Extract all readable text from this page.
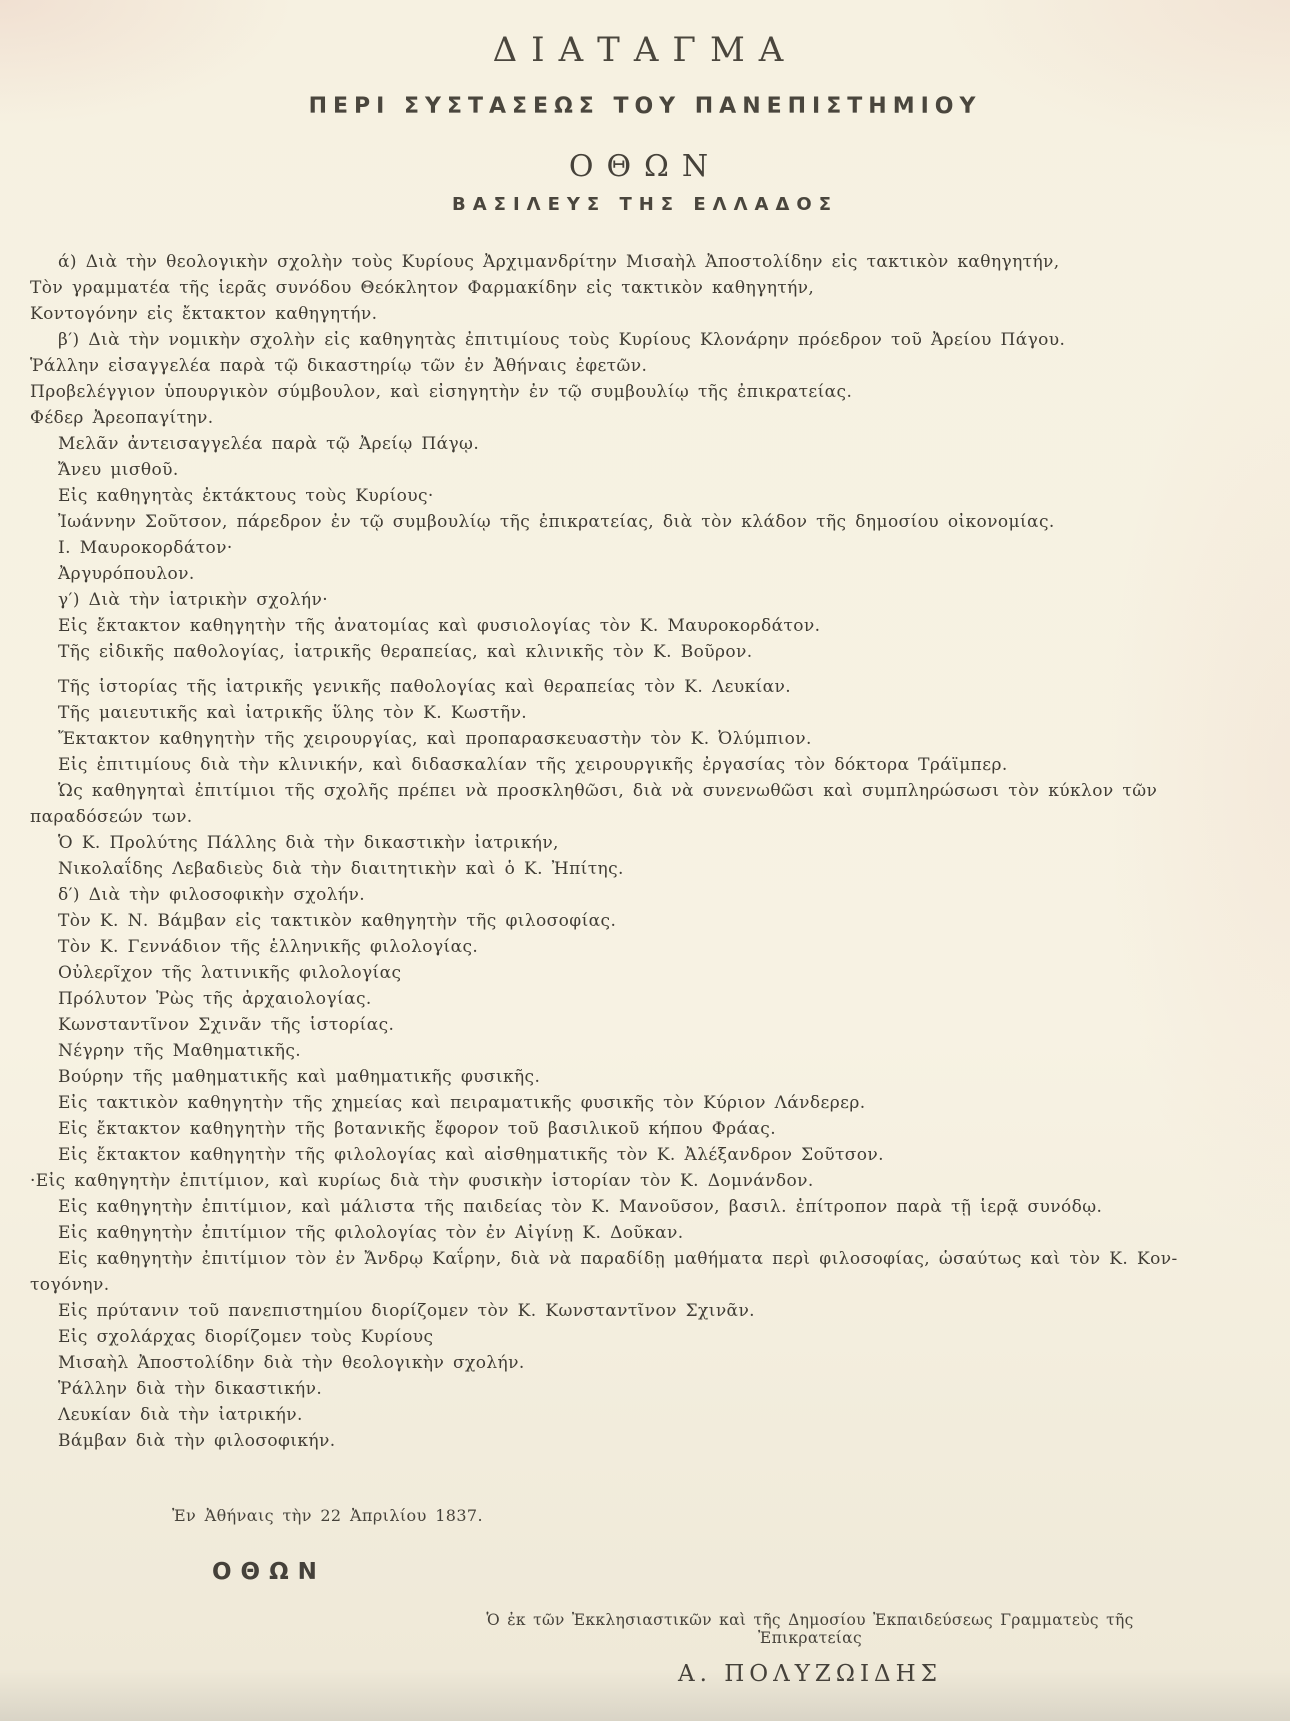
ΔΙΑΤΑΓΜΑ
ΠΕΡΙ ΣΥΣΤΑΣΕΩΣ ΤΟΥ ΠΑΝΕΠΙΣΤΗΜΙΟΥ
ΟΘΩΝ
ΒΑΣΙΛΕΥΣ ΤΗΣ ΕΛΛΑΔΟΣ
ά) Διὰ τὴν θεολογικὴν σχολὴν τοὺς Κυρίους Ἀρχιμανδρίτην Μισαὴλ Ἀποστολίδην εἰς τακτικὸν καθηγητήν,
Τὸν γραμματέα τῆς ἱερᾶς συνόδου Θεόκλητον Φαρμακίδην εἰς τακτικὸν καθηγητήν,
Κοντογόνην εἰς ἔκτακτον καθηγητήν.
β′) Διὰ τὴν νομικὴν σχολὴν εἰς καθηγητὰς ἐπιτιμίους τοὺς Κυρίους Κλονάρην πρόεδρον τοῦ Ἀρείου Πάγου.
Ῥάλλην εἰσαγγελέα παρὰ τῷ δικαστηρίῳ τῶν ἐν Ἀθήναις ἐφετῶν.
Προβελέγγιον ὑπουργικὸν σύμβουλον, καὶ εἰσηγητὴν ἐν τῷ συμβουλίῳ τῆς ἐπικρατείας.
Φέδερ Ἀρεοπαγίτην.
Μελᾶν ἀντεισαγγελέα παρὰ τῷ Ἀρείῳ Πάγῳ.
Ἄνευ μισθοῦ.
Εἰς καθηγητὰς ἐκτάκτους τοὺς Κυρίους·
Ἰωάννην Σοῦτσον, πάρεδρον ἐν τῷ συμβουλίῳ τῆς ἐπικρατείας, διὰ τὸν κλάδον τῆς δημοσίου οἰκονομίας.
Ι. Μαυροκορδάτον·
Ἀργυρόπουλον.
γ′) Διὰ τὴν ἰατρικὴν σχολήν·
Εἰς ἔκτακτον καθηγητὴν τῆς ἀνατομίας καὶ φυσιολογίας τὸν Κ. Μαυροκορδάτον.
Τῆς εἰδικῆς παθολογίας, ἰατρικῆς θεραπείας, καὶ κλινικῆς τὸν Κ. Βοῦρον.
Τῆς ἱστορίας τῆς ἰατρικῆς γενικῆς παθολογίας καὶ θεραπείας τὸν Κ. Λευκίαν.
Τῆς μαιευτικῆς καὶ ἰατρικῆς ὕλης τὸν Κ. Κωστῆν.
Ἔκτακτον καθηγητὴν τῆς χειρουργίας, καὶ προπαρασκευαστὴν τὸν Κ. Ὀλύμπιον.
Εἰς ἐπιτιμίους διὰ τὴν κλινικήν, καὶ διδασκαλίαν τῆς χειρουργικῆς ἐργασίας τὸν δόκτορα Τράϊμπερ.
Ὡς καθηγηταὶ ἐπιτίμιοι τῆς σχολῆς πρέπει νὰ προσκληθῶσι, διὰ νὰ συνενωθῶσι καὶ συμπληρώσωσι τὸν κύκλον τῶν
παραδόσεών των.
Ὁ Κ. Προλύτης Πάλλης διὰ τὴν δικαστικὴν ἰατρικήν,
Νικολαΐδης Λεβαδιεὺς διὰ τὴν διαιτητικὴν καὶ ὁ Κ. Ἠπίτης.
δ′) Διὰ τὴν φιλοσοφικὴν σχολήν.
Τὸν Κ. Ν. Βάμβαν εἰς τακτικὸν καθηγητὴν τῆς φιλοσοφίας.
Τὸν Κ. Γεννάδιον τῆς ἑλληνικῆς φιλολογίας.
Οὐλερῖχον τῆς λατινικῆς φιλολογίας
Πρόλυτον Ῥὼς τῆς ἀρχαιολογίας.
Κωνσταντῖνον Σχινᾶν τῆς ἱστορίας.
Νέγρην τῆς Μαθηματικῆς.
Βούρην τῆς μαθηματικῆς καὶ μαθηματικῆς φυσικῆς.
Εἰς τακτικὸν καθηγητὴν τῆς χημείας καὶ πειραματικῆς φυσικῆς τὸν Κύριον Λάνδερερ.
Εἰς ἔκτακτον καθηγητὴν τῆς βοτανικῆς ἔφορον τοῦ βασιλικοῦ κήπου Φράας.
Εἰς ἔκτακτον καθηγητὴν τῆς φιλολογίας καὶ αἰσθηματικῆς τὸν Κ. Ἀλέξανδρον Σοῦτσον.
·Εἰς καθηγητὴν ἐπιτίμιον, καὶ κυρίως διὰ τὴν φυσικὴν ἱστορίαν τὸν Κ. Δομνάνδον.
Εἰς καθηγητὴν ἐπιτίμιον, καὶ μάλιστα τῆς παιδείας τὸν Κ. Μανοῦσον, βασιλ. ἐπίτροπον παρὰ τῇ ἱερᾷ συνόδῳ.
Εἰς καθηγητὴν ἐπιτίμιον τῆς φιλολογίας τὸν ἐν Αἰγίνῃ Κ. Δοῦκαν.
Εἰς καθηγητὴν ἐπιτίμιον τὸν ἐν Ἄνδρῳ Καΐρην, διὰ νὰ παραδίδῃ μαθήματα περὶ φιλοσοφίας, ὡσαύτως καὶ τὸν Κ. Κον-
τογόνην.
Εἰς πρύτανιν τοῦ πανεπιστημίου διορίζομεν τὸν Κ. Κωνσταντῖνον Σχινᾶν.
Εἰς σχολάρχας διορίζομεν τοὺς Κυρίους
Μισαὴλ Ἀποστολίδην διὰ τὴν θεολογικὴν σχολήν.
Ῥάλλην διὰ τὴν δικαστικήν.
Λευκίαν διὰ τὴν ἰατρικήν.
Βάμβαν διὰ τὴν φιλοσοφικήν.
Ἐν Ἀθήναις τὴν 22 Ἀπριλίου 1837.
ΟΘΩΝ
Ὁ ἐκ τῶν Ἐκκλησιαστικῶν καὶ τῆς Δημοσίου Ἐκπαιδεύσεως Γραμματεὺς τῆς Ἐπικρατείας
Α. ΠΟΛΥΖΩΙΔΗΣ
